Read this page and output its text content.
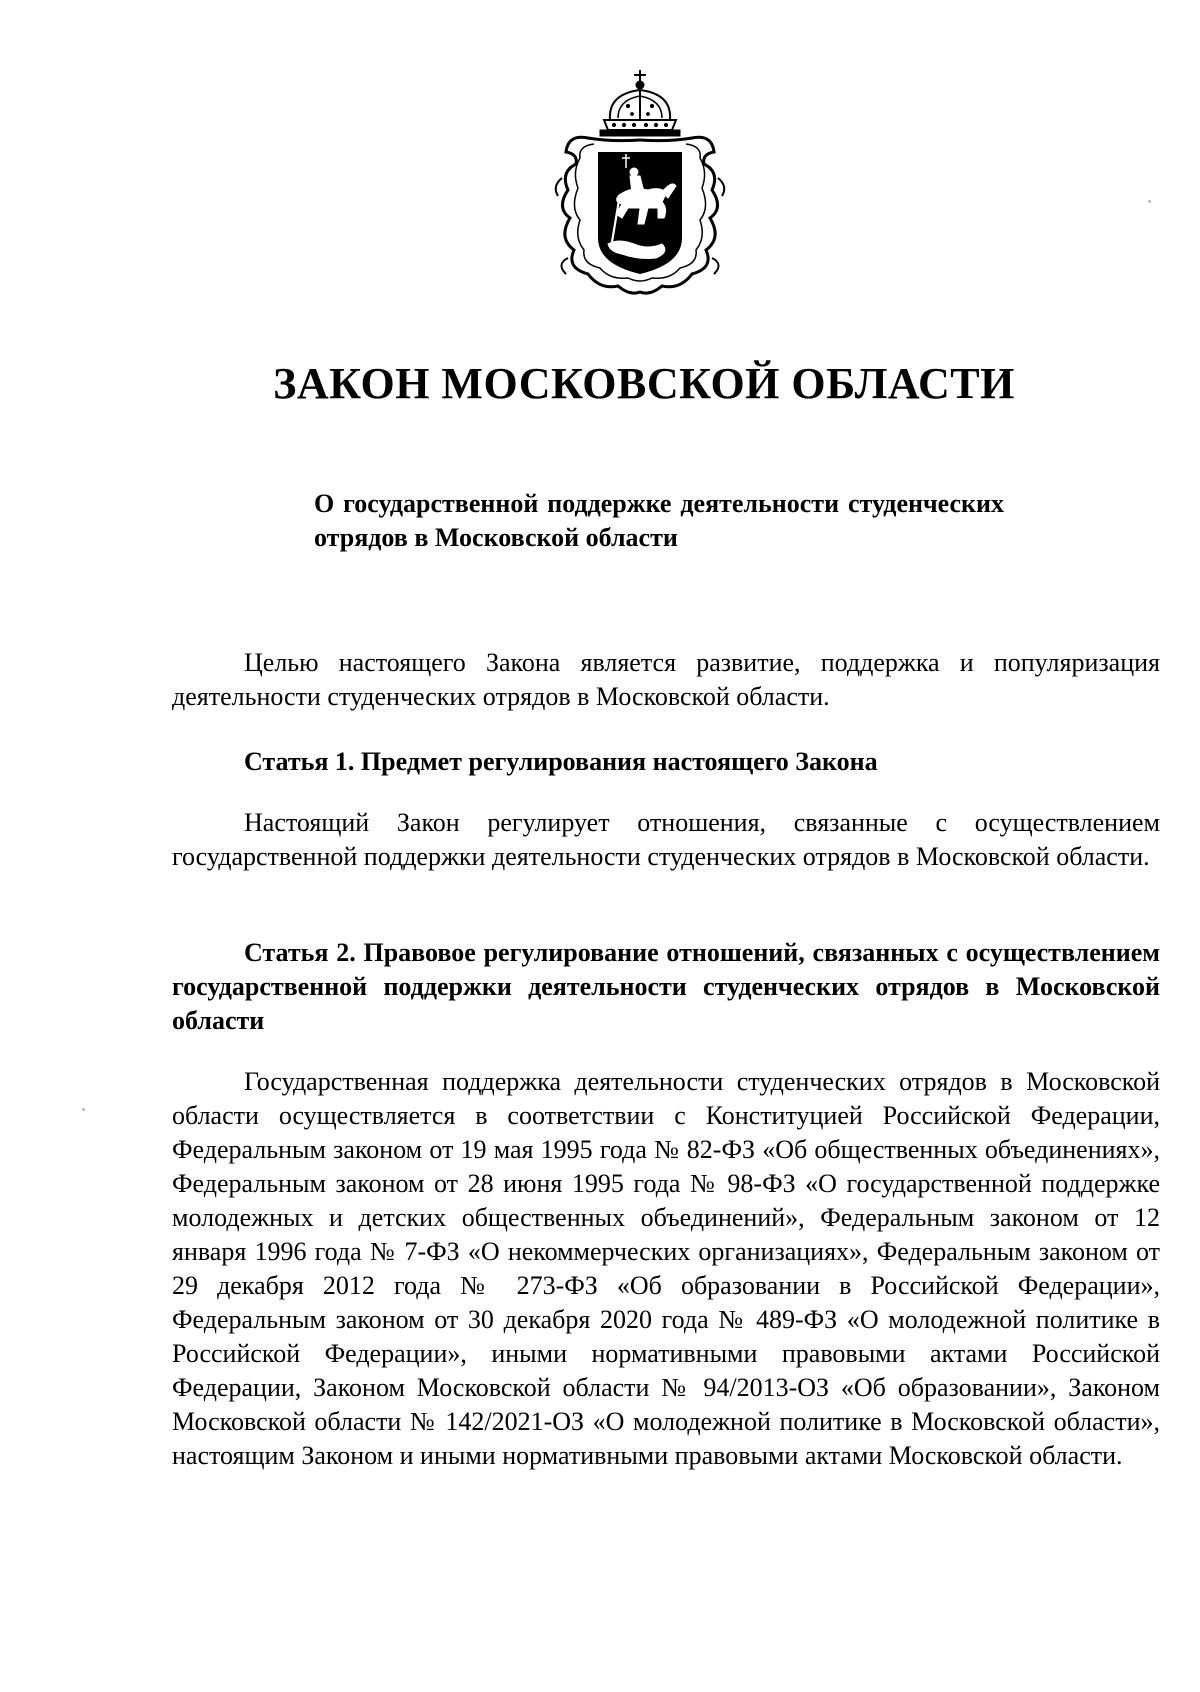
ЗАКОН МОСКОВСКОЙ ОБЛАСТИ

О государственной поддержке деятельности студенческих отрядов в Московской области

Целью настоящего Закона является развитие, поддержка и популяризация деятельности студенческих отрядов в Московской области.

Статья 1. Предмет регулирования настоящего Закона

Настоящий Закон регулирует отношения, связанные с осуществлением государственной поддержки деятельности студенческих отрядов в Московской области.

Статья 2. Правовое регулирование отношений, связанных с осуществлением государственной поддержки деятельности студенческих отрядов в Московской области

Государственная поддержка деятельности студенческих отрядов в Московской области осуществляется в соответствии с Конституцией Российской Федерации, Федеральным законом от 19 мая 1995 года № 82-ФЗ «Об общественных объединениях», Федеральным законом от 28 июня 1995 года № 98-ФЗ «О государственной поддержке молодежных и детских общественных объединений», Федеральным законом от 12 января 1996 года № 7-ФЗ «О некоммерческих организациях», Федеральным законом от 29 декабря 2012 года № 273-ФЗ «Об образовании в Российской Федерации», Федеральным законом от 30 декабря 2020 года № 489-ФЗ «О молодежной политике в Российской Федерации», иными нормативными правовыми актами Российской Федерации, Законом Московской области № 94/2013-ОЗ «Об образовании», Законом Московской области № 142/2021-ОЗ «О молодежной политике в Московской области», настоящим Законом и иными нормативными правовыми актами Московской области.
